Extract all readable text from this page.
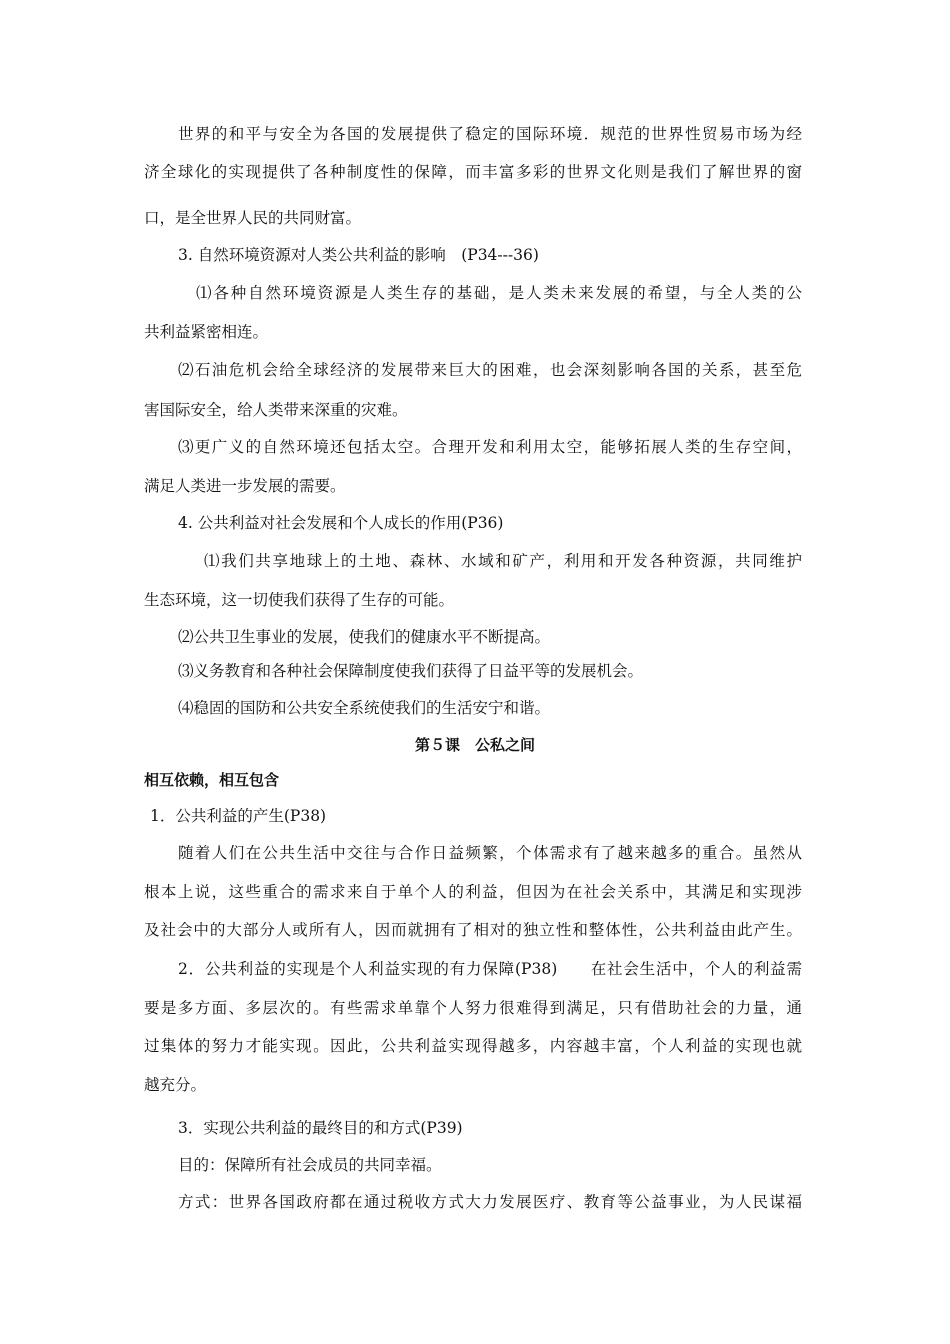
世界的和平与安全为各国的发展提供了稳定的国际环境．规范的世界性贸易市场为经

济全球化的实现提供了各种制度性的保障，而丰富多彩的世界文化则是我们了解世界的窗

口，是全世界人民的共同财富。

3. 自然环境资源对人类公共利益的影响　(P34---36)

⑴各种自然环境资源是人类生存的基础，是人类未来发展的希望，与全人类的公

共利益紧密相连。

⑵石油危机会给全球经济的发展带来巨大的困难，也会深刻影响各国的关系，甚至危

害国际安全，给人类带来深重的灾难。

⑶更广义的自然环境还包括太空。合理开发和利用太空，能够拓展人类的生存空间，

满足人类进一步发展的需要。

4. 公共利益对社会发展和个人成长的作用(P36)

⑴我们共享地球上的土地、森林、水域和矿产，利用和开发各种资源，共同维护

生态环境，这一切使我们获得了生存的可能。

⑵公共卫生事业的发展，使我们的健康水平不断提高。

⑶义务教育和各种社会保障制度使我们获得了日益平等的发展机会。

⑷稳固的国防和公共安全系统使我们的生活安宁和谐。

第５课　公私之间

相互依赖，相互包含

1．公共利益的产生(P38)

随着人们在公共生活中交往与合作日益频繁，个体需求有了越来越多的重合。虽然从

根本上说，这些重合的需求来自于单个人的利益，但因为在社会关系中，其满足和实现涉

及社会中的大部分人或所有人，因而就拥有了相对的独立性和整体性，公共利益由此产生。

2．公共利益的实现是个人利益实现的有力保障(P38)　　在社会生活中，个人的利益需

要是多方面、多层次的。有些需求单靠个人努力很难得到满足，只有借助社会的力量，通

过集体的努力才能实现。因此，公共利益实现得越多，内容越丰富，个人利益的实现也就

越充分。

3．实现公共利益的最终目的和方式(P39)

目的：保障所有社会成员的共同幸福。

方式：世界各国政府都在通过税收方式大力发展医疗、教育等公益事业，为人民谋福
